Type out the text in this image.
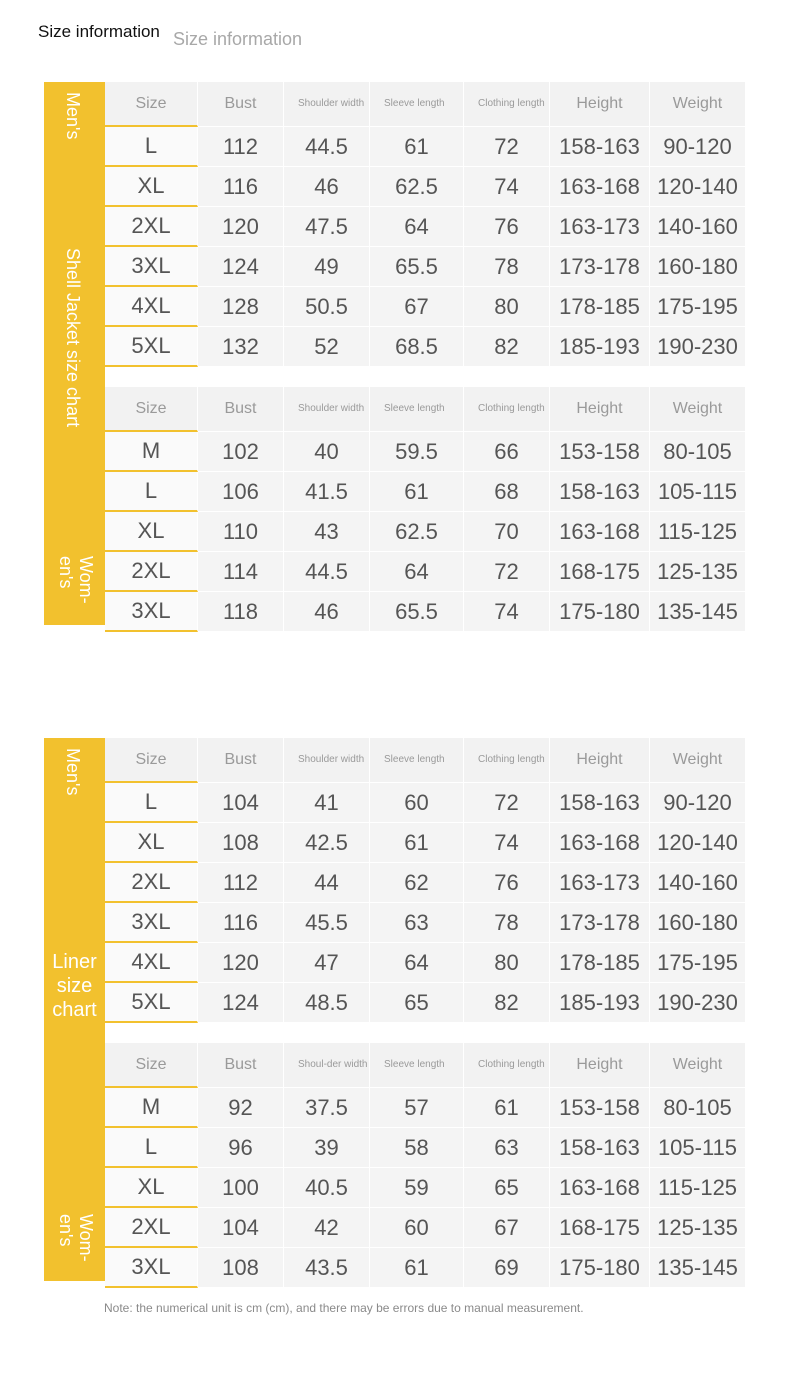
Size information Size information
Men's
Shell Jacket size chart
Wom-en's
Size	Bust	Shoulder width	Sleeve length	Clothing length	Height	Weight
L	112	44.5	61	72	158-163	90-120
XL	116	46	62.5	74	163-168	120-140
2XL	120	47.5	64	76	163-173	140-160
3XL	124	49	65.5	78	173-178	160-180
4XL	128	50.5	67	80	178-185	175-195
5XL	132	52	68.5	82	185-193	190-230
Size	Bust	Shoulder width	Sleeve length	Clothing length	Height	Weight
M	102	40	59.5	66	153-158	80-105
L	106	41.5	61	68	158-163	105-115
XL	110	43	62.5	70	163-168	115-125
2XL	114	44.5	64	72	168-175	125-135
3XL	118	46	65.5	74	175-180	135-145
Men's
Liner size chart
Wom-en's
Size	Bust	Shoulder width	Sleeve length	Clothing length	Height	Weight
L	104	41	60	72	158-163	90-120
XL	108	42.5	61	74	163-168	120-140
2XL	112	44	62	76	163-173	140-160
3XL	116	45.5	63	78	173-178	160-180
4XL	120	47	64	80	178-185	175-195
5XL	124	48.5	65	82	185-193	190-230
Size	Bust	Shoul-der width	Sleeve length	Clothing length	Height	Weight
M	92	37.5	57	61	153-158	80-105
L	96	39	58	63	158-163	105-115
XL	100	40.5	59	65	163-168	115-125
2XL	104	42	60	67	168-175	125-135
3XL	108	43.5	61	69	175-180	135-145
Note: the numerical unit is cm (cm), and there may be errors due to manual measurement.
